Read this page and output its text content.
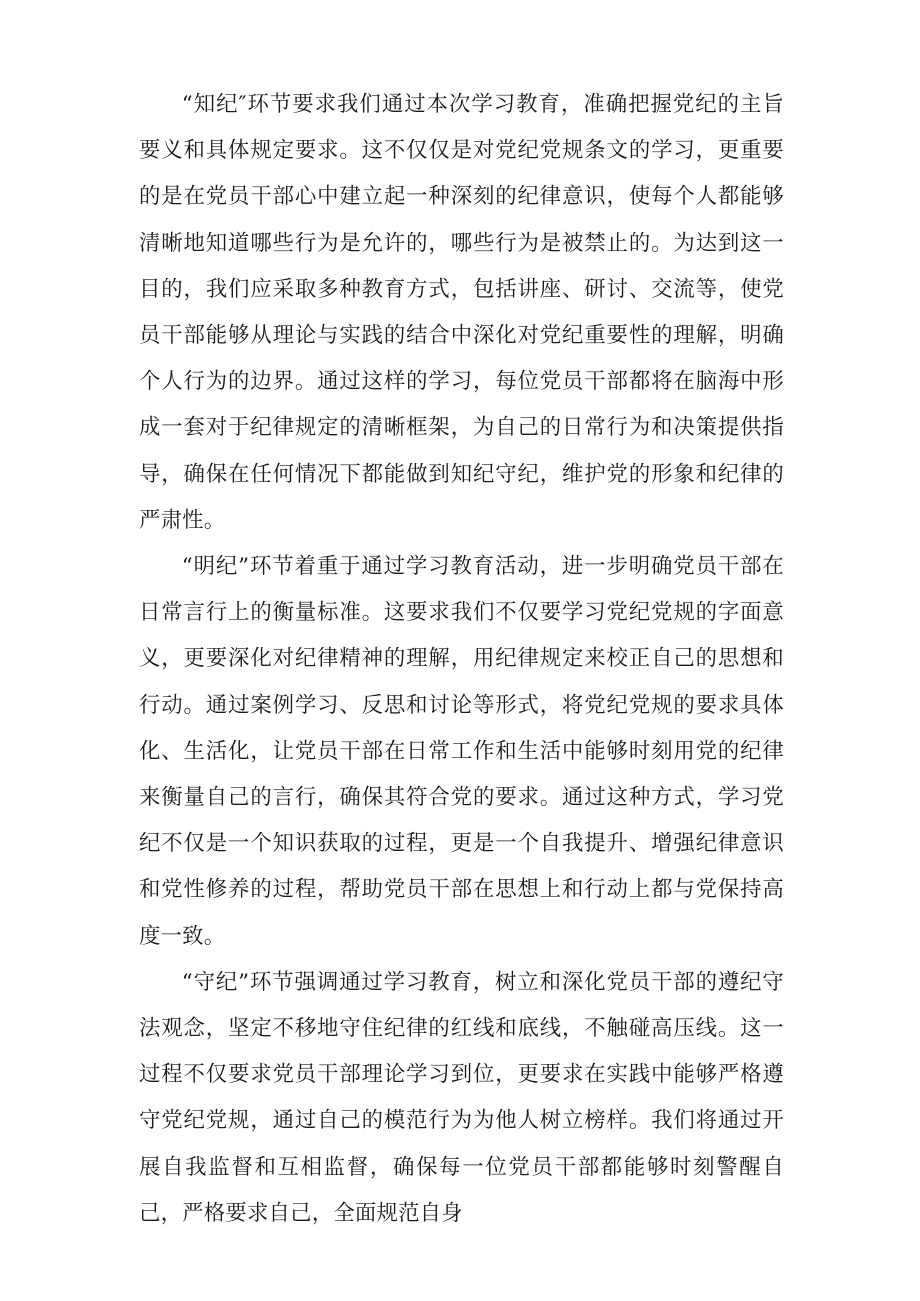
“知纪″环节要求我们通过本次学习教育，准确把握党纪的主旨要义和具体规定要求。这不仅仅是对党纪党规条文的学习，更重要的是在党员干部心中建立起一种深刻的纪律意识，使每个人都能够清晰地知道哪些行为是允许的，哪些行为是被禁止的。为达到这一目的，我们应采取多种教育方式，包括讲座、研讨、交流等，使党员干部能够从理论与实践的结合中深化对党纪重要性的理解，明确个人行为的边界。通过这样的学习，每位党员干部都将在脑海中形成一套对于纪律规定的清晰框架，为自己的日常行为和决策提供指导，确保在任何情况下都能做到知纪守纪，维护党的形象和纪律的严肃性。

“明纪”环节着重于通过学习教育活动，进一步明确党员干部在日常言行上的衡量标准。这要求我们不仅要学习党纪党规的字面意义，更要深化对纪律精神的理解，用纪律规定来校正自己的思想和行动。通过案例学习、反思和讨论等形式，将党纪党规的要求具体化、生活化，让党员干部在日常工作和生活中能够时刻用党的纪律来衡量自己的言行，确保其符合党的要求。通过这种方式，学习党纪不仅是一个知识获取的过程，更是一个自我提升、增强纪律意识和党性修养的过程，帮助党员干部在思想上和行动上都与党保持高度一致。

“守纪”环节强调通过学习教育，树立和深化党员干部的遵纪守法观念，坚定不移地守住纪律的红线和底线，不触碰高压线。这一过程不仅要求党员干部理论学习到位，更要求在实践中能够严格遵守党纪党规，通过自己的模范行为为他人树立榜样。我们将通过开展自我监督和互相监督，确保每一位党员干部都能够时刻警醒自己，严格要求自己，全面规范自身
